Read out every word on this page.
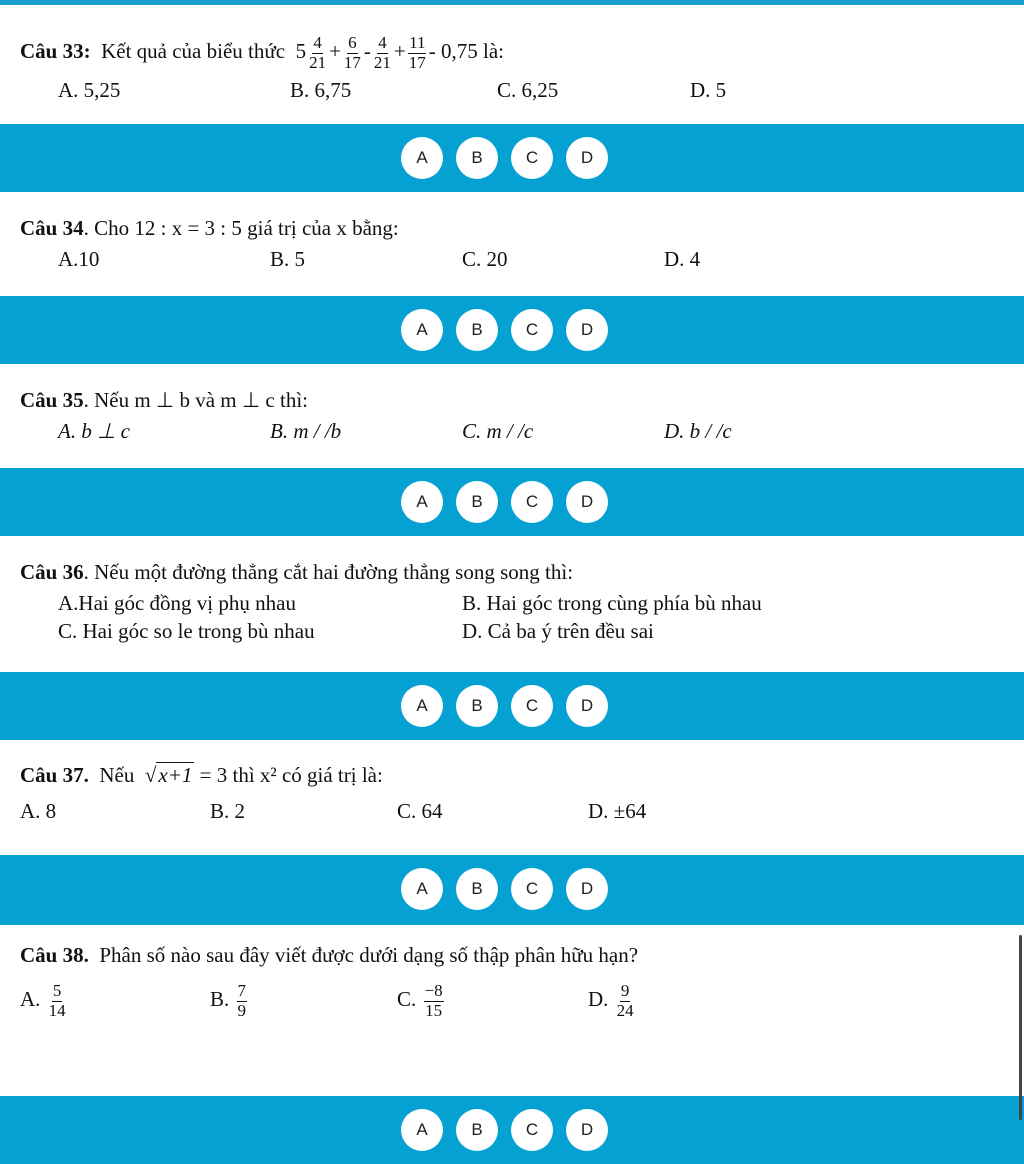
Câu 33: Kết quả của biểu thức $5 \frac{4}{21} + \frac{6}{17} - \frac{4}{21} + \frac{11}{17} - 0,75$ là:
A. 5,25	B. 6,75	C. 6,25	D. 5
A	B	C	D
Câu 34. Cho 12 : x = 3 : 5 giá trị của x bằng:
A.10	B. 5	C. 20	D. 4
A	B	C	D
Câu 35. Nếu m ⊥ b và m ⊥ c thì:
A. b ⊥ c	B. m / /b	C. m / /c	D. b / /c
A	B	C	D
Câu 36. Nếu một đường thẳng cắt hai đường thẳng song song thì:
A.Hai góc đồng vị phụ nhau	B. Hai góc trong cùng phía bù nhau
C. Hai góc so le trong bù nhau	D. Cả ba ý trên đều sai
A	B	C	D
Câu 37. Nếu  √x+1 = 3 thì x² có giá trị là:
A. 8	B. 2	C. 64	D. ±64
A	B	C	D
Câu 38. Phân số nào sau đây viết được dưới dạng số thập phân hữu hạn?
A. $\frac{5}{14}$	B. $\frac{7}{9}$	C. $\frac{-8}{15}$	D. $\frac{9}{24}$
A	B	C	D
